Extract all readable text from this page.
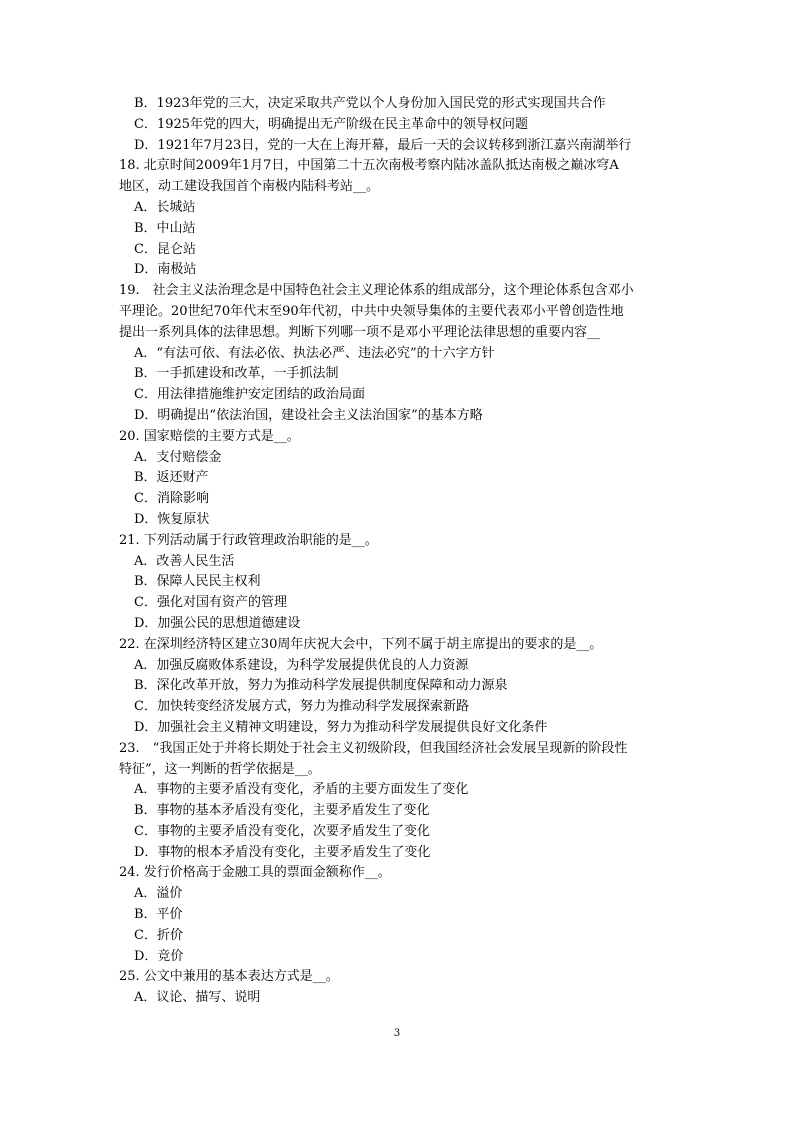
B．1923年党的三大，决定采取共产党以个人身份加入国民党的形式实现国共合作
C．1925年党的四大，明确提出无产阶级在民主革命中的领导权问题
D．1921年7月23日，党的一大在上海开幕，最后一天的会议转移到浙江嘉兴南湖举行
18. 北京时间2009年1月7日，中国第二十五次南极考察内陆冰盖队抵达南极之巅冰穹A
地区，动工建设我国首个南极内陆科考站__。
A．长城站
B．中山站
C．昆仑站
D．南极站
19.　社会主义法治理念是中国特色社会主义理论体系的组成部分，这个理论体系包含邓小
平理论。20世纪70年代末至90年代初，中共中央领导集体的主要代表邓小平曾创造性地
提出一系列具体的法律思想。判断下列哪一项不是邓小平理论法律思想的重要内容__
A．“有法可依、有法必依、执法必严、违法必究”的十六字方针
B．一手抓建设和改革，一手抓法制
C．用法律措施维护安定团结的政治局面
D．明确提出“依法治国，建设社会主义法治国家”的基本方略
20. 国家赔偿的主要方式是__。
A．支付赔偿金
B．返还财产
C．消除影响
D．恢复原状
21. 下列活动属于行政管理政治职能的是__。
A．改善人民生活
B．保障人民民主权利
C．强化对国有资产的管理
D．加强公民的思想道德建设
22. 在深圳经济特区建立30周年庆祝大会中，下列不属于胡主席提出的要求的是__。
A．加强反腐败体系建设，为科学发展提供优良的人力资源
B．深化改革开放，努力为推动科学发展提供制度保障和动力源泉
C．加快转变经济发展方式，努力为推动科学发展探索新路
D．加强社会主义精神文明建设，努力为推动科学发展提供良好文化条件
23.　“我国正处于并将长期处于社会主义初级阶段，但我国经济社会发展呈现新的阶段性
特征”，这一判断的哲学依据是__。
A．事物的主要矛盾没有变化，矛盾的主要方面发生了变化
B．事物的基本矛盾没有变化，主要矛盾发生了变化
C．事物的主要矛盾没有变化，次要矛盾发生了变化
D．事物的根本矛盾没有变化，主要矛盾发生了变化
24. 发行价格高于金融工具的票面金额称作__。
A．溢价
B．平价
C．折价
D．竞价
25. 公文中兼用的基本表达方式是__。
A．议论、描写、说明
3
